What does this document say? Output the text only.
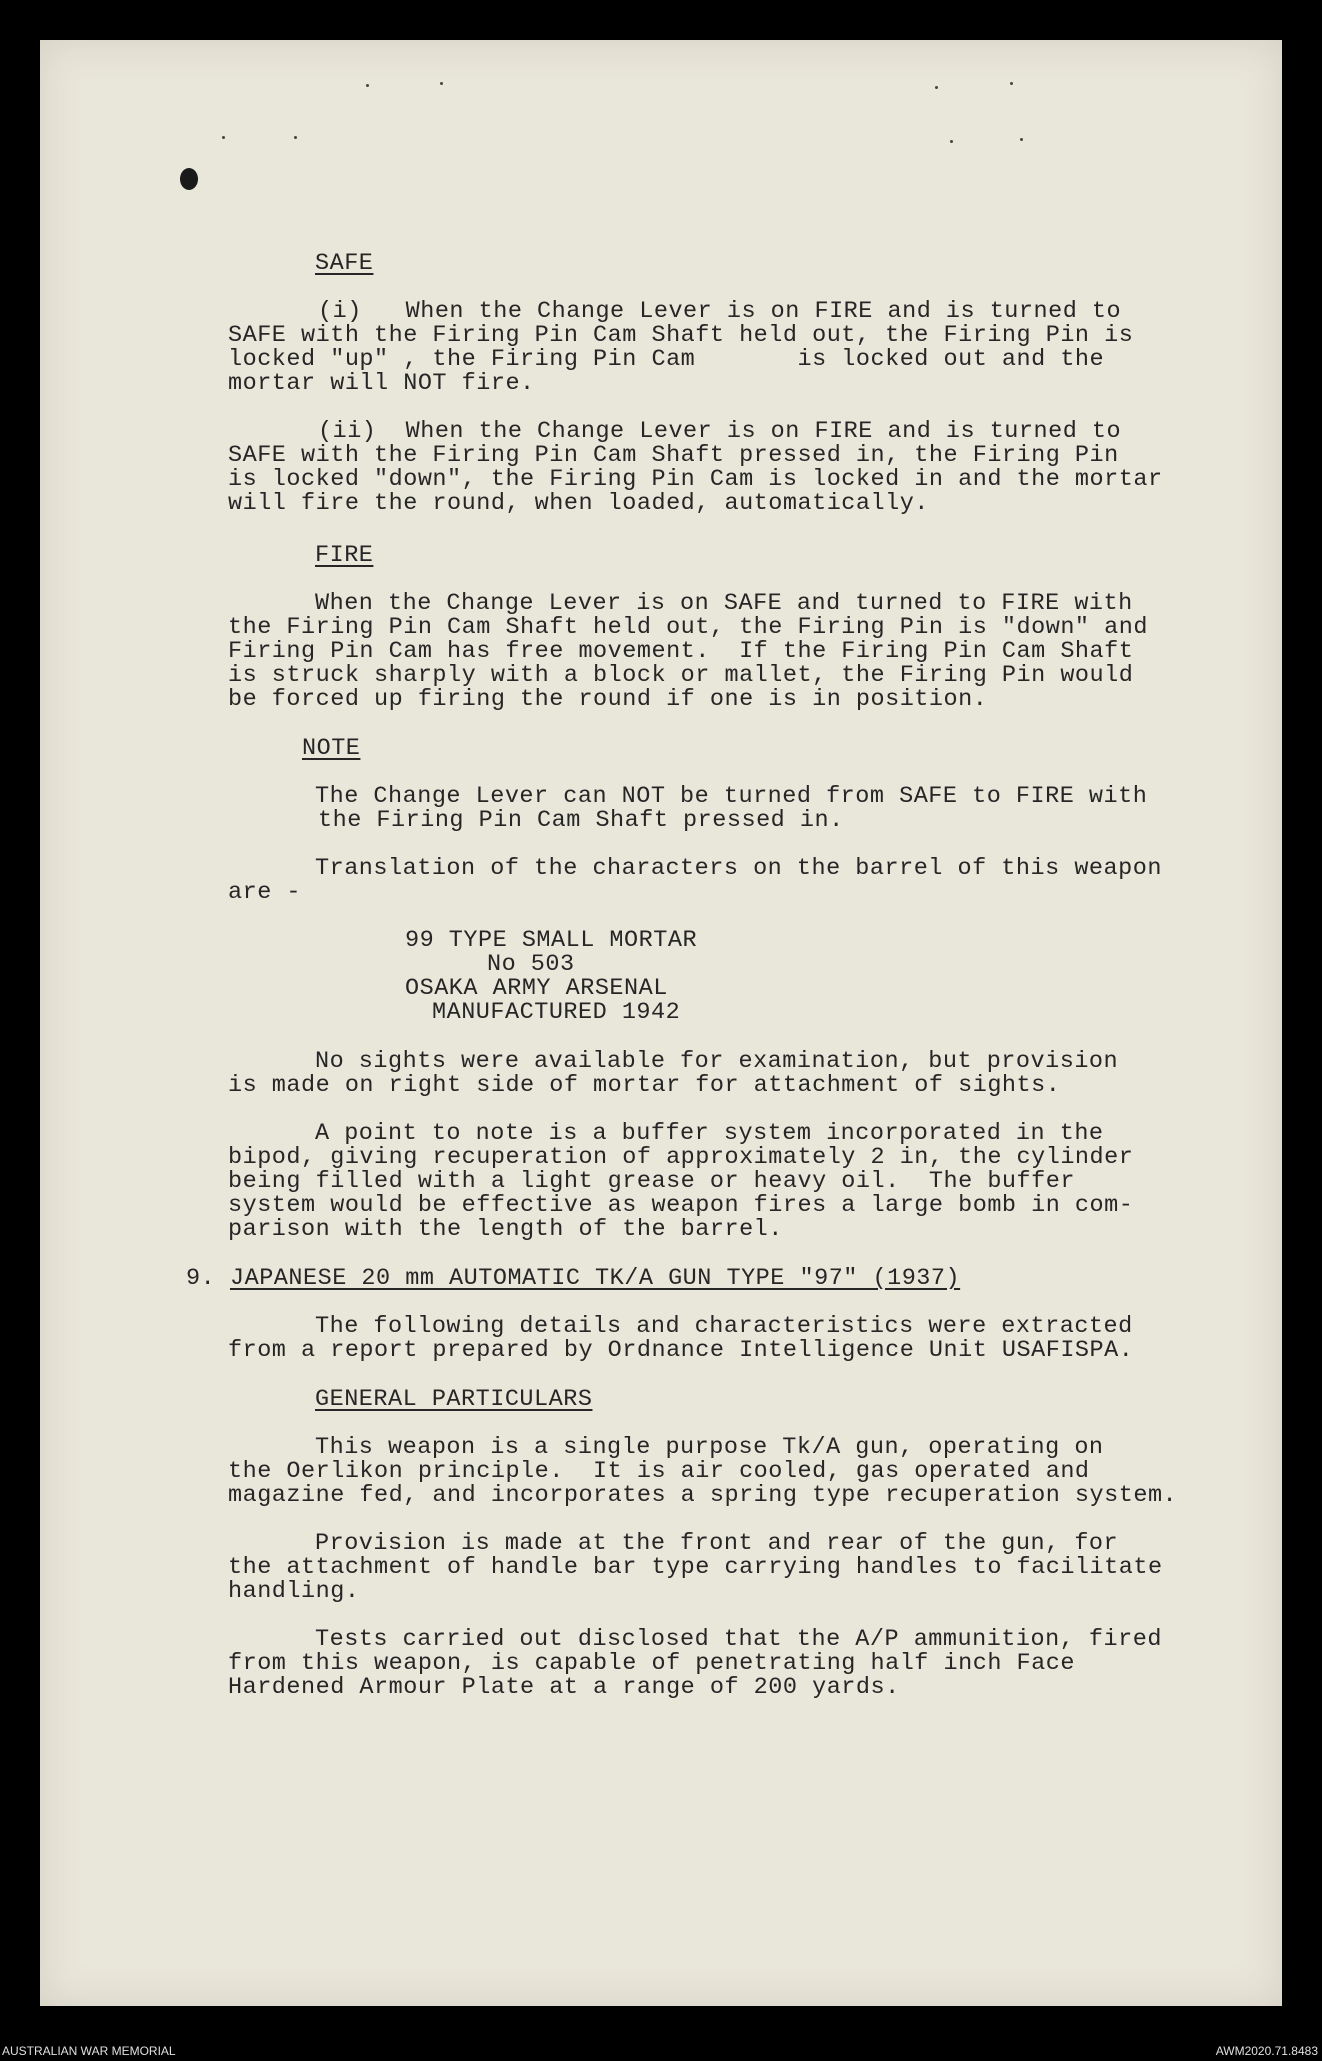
SAFE
(i)   When the Change Lever is on FIRE and is turned to
SAFE with the Firing Pin Cam Shaft held out, the Firing Pin is
locked "up" , the Firing Pin Cam       is locked out and the
mortar will NOT fire.
(ii)  When the Change Lever is on FIRE and is turned to
SAFE with the Firing Pin Cam Shaft pressed in, the Firing Pin
is locked "down", the Firing Pin Cam is locked in and the mortar
will fire the round, when loaded, automatically.
FIRE
When the Change Lever is on SAFE and turned to FIRE with
the Firing Pin Cam Shaft held out, the Firing Pin is "down" and
Firing Pin Cam has free movement.  If the Firing Pin Cam Shaft
is struck sharply with a block or mallet, the Firing Pin would
be forced up firing the round if one is in position.
NOTE
The Change Lever can NOT be turned from SAFE to FIRE with
the Firing Pin Cam Shaft pressed in.
Translation of the characters on the barrel of this weapon
are -
99 TYPE SMALL MORTAR
No 503
OSAKA ARMY ARSENAL
MANUFACTURED 1942
No sights were available for examination, but provision
is made on right side of mortar for attachment of sights.
A point to note is a buffer system incorporated in the
bipod, giving recuperation of approximately 2 in, the cylinder
being filled with a light grease or heavy oil.  The buffer
system would be effective as weapon fires a large bomb in com-
parison with the length of the barrel.
9. JAPANESE 20 mm AUTOMATIC TK/A GUN TYPE "97" (1937)
The following details and characteristics were extracted
from a report prepared by Ordnance Intelligence Unit USAFISPA.
GENERAL PARTICULARS
This weapon is a single purpose Tk/A gun, operating on
the Oerlikon principle.  It is air cooled, gas operated and
magazine fed, and incorporates a spring type recuperation system.
Provision is made at the front and rear of the gun, for
the attachment of handle bar type carrying handles to facilitate
handling.
Tests carried out disclosed that the A/P ammunition, fired
from this weapon, is capable of penetrating half inch Face
Hardened Armour Plate at a range of 200 yards.
AUSTRALIAN WAR MEMORIAL	AWM2020.71.8483
